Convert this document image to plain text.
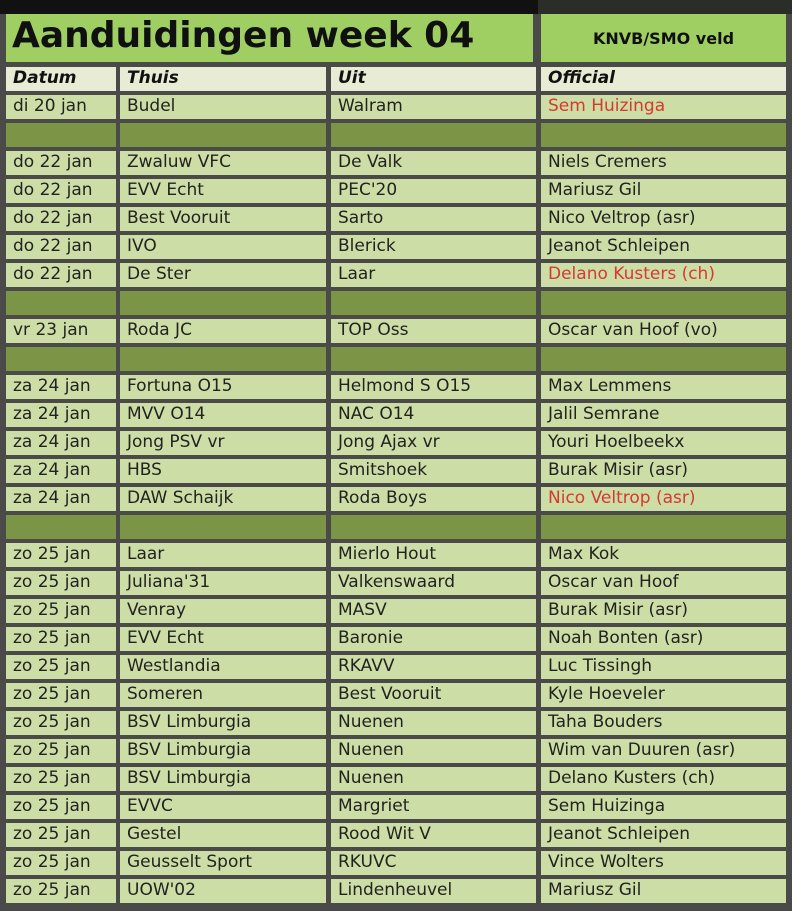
Aanduidingen week 04	KNVB/SMO veld
Datum	Thuis	Uit	Official
di 20 jan	Budel	Walram	Sem Huizinga
do 22 jan	Zwaluw VFC	De Valk	Niels Cremers
do 22 jan	EVV Echt	PEC'20	Mariusz Gil
do 22 jan	Best Vooruit	Sarto	Nico Veltrop (asr)
do 22 jan	IVO	Blerick	Jeanot Schleipen
do 22 jan	De Ster	Laar	Delano Kusters (ch)
vr 23 jan	Roda JC	TOP Oss	Oscar van Hoof (vo)
za 24 jan	Fortuna O15	Helmond S O15	Max Lemmens
za 24 jan	MVV O14	NAC O14	Jalil Semrane
za 24 jan	Jong PSV vr	Jong Ajax vr	Youri Hoelbeekx
za 24 jan	HBS	Smitshoek	Burak Misir (asr)
za 24 jan	DAW Schaijk	Roda Boys	Nico Veltrop (asr)
zo 25 jan	Laar	Mierlo Hout	Max Kok
zo 25 jan	Juliana'31	Valkenswaard	Oscar van Hoof
zo 25 jan	Venray	MASV	Burak Misir (asr)
zo 25 jan	EVV Echt	Baronie	Noah Bonten (asr)
zo 25 jan	Westlandia	RKAVV	Luc Tissingh
zo 25 jan	Someren	Best Vooruit	Kyle Hoeveler
zo 25 jan	BSV Limburgia	Nuenen	Taha Bouders
zo 25 jan	BSV Limburgia	Nuenen	Wim van Duuren (asr)
zo 25 jan	BSV Limburgia	Nuenen	Delano Kusters (ch)
zo 25 jan	EVVC	Margriet	Sem Huizinga
zo 25 jan	Gestel	Rood Wit V	Jeanot Schleipen
zo 25 jan	Geusselt Sport	RKUVC	Vince Wolters
zo 25 jan	UOW'02	Lindenheuvel	Mariusz Gil
